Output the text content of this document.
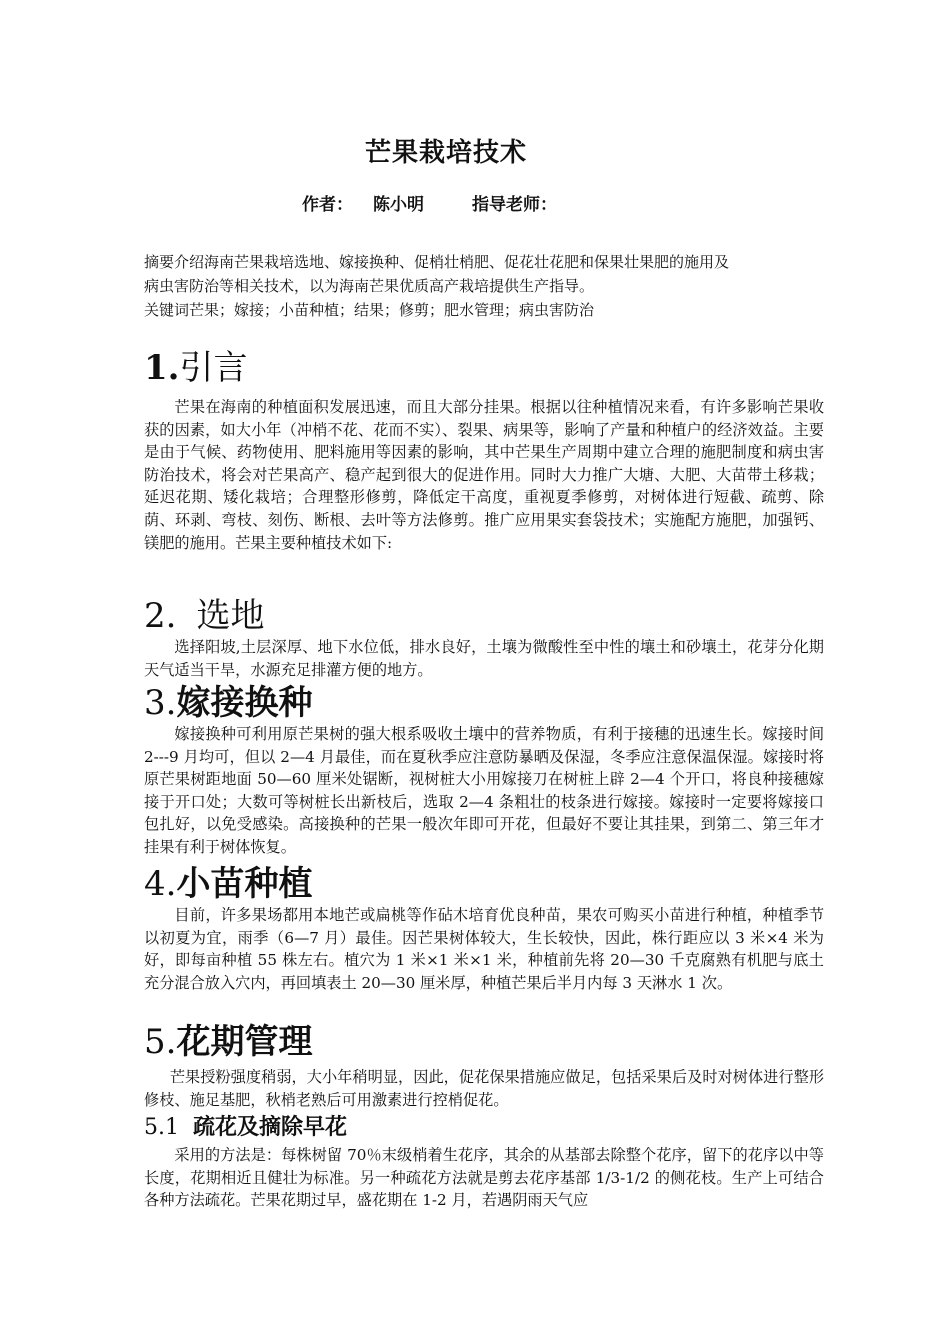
芒果栽培技术
作者： 陈小明	指导老师：
摘要介绍海南芒果栽培选地、嫁接换种、促梢壮梢肥、促花壮花肥和保果壮果肥的施用及
病虫害防治等相关技术，以为海南芒果优质高产栽培提供生产指导。
关键词芒果；嫁接；小苗种植；结果；修剪；肥水管理；病虫害防治
1.引言

芒果在海南的种植面积发展迅速，而且大部分挂果。根据以往种植情况来看，有许多影响芒果收获的因素，如大小年（冲梢不花、花而不实）、裂果、病果等，影响了产量和种植户的经济效益。主要是由于气候、药物使用、肥料施用等因素的影响，其中芒果生产周期中建立合理的施肥制度和病虫害防治技术，将会对芒果高产、稳产起到很大的促进作用。同时大力推广大塘、大肥、大苗带土移栽；延迟花期、矮化栽培；合理整形修剪，降低定干高度，重视夏季修剪，对树体进行短截、疏剪、除荫、环剥、弯枝、刻伤、断根、去叶等方法修剪。推广应用果实套袋技术；实施配方施肥，加强钙、镁肥的施用。芒果主要种植技术如下:

2. 选地

选择阳坡,土层深厚、地下水位低，排水良好，土壤为微酸性至中性的壤土和砂壤土，花芽分化期天气适当干旱，水源充足排灌方便的地方。

3.嫁接换种

嫁接换种可利用原芒果树的强大根系吸收土壤中的营养物质，有利于接穗的迅速生长。嫁接时间 2---9 月均可，但以 2—4 月最佳，而在夏秋季应注意防暴晒及保湿，冬季应注意保温保湿。嫁接时将原芒果树距地面 50—60 厘米处锯断，视树桩大小用嫁接刀在树桩上辟 2—4 个开口，将良种接穗嫁接于开口处；大数可等树桩长出新枝后，选取 2—4 条粗壮的枝条进行嫁接。嫁接时一定要将嫁接口包扎好，以免受感染。高接换种的芒果一般次年即可开花，但最好不要让其挂果，到第二、第三年才挂果有利于树体恢复。

4.小苗种植

目前，许多果场都用本地芒或扁桃等作砧木培育优良种苗，果农可购买小苗进行种植，种植季节以初夏为宜，雨季（6—7 月）最佳。因芒果树体较大，生长较快，因此，株行距应以 3 米×4 米为好，即每亩种植 55 株左右。植穴为 1 米×1 米×1 米，种植前先将 20—30 千克腐熟有机肥与底土充分混合放入穴内，再回填表土 20—30 厘米厚，种植芒果后半月内每 3 天淋水 1 次。

5.花期管理

芒果授粉强度稍弱，大小年稍明显，因此，促花保果措施应做足，包括采果后及时对树体进行整形修枝、施足基肥，秋梢老熟后可用激素进行控梢促花。

5.1 疏花及摘除早花

采用的方法是：每株树留 70％末级梢着生花序，其余的从基部去除整个花序，留下的花序以中等长度，花期相近且健壮为标准。另一种疏花方法就是剪去花序基部 1/3-1/2 的侧花枝。生产上可结合各种方法疏花。芒果花期过早，盛花期在 1-2 月，若遇阴雨天气应
